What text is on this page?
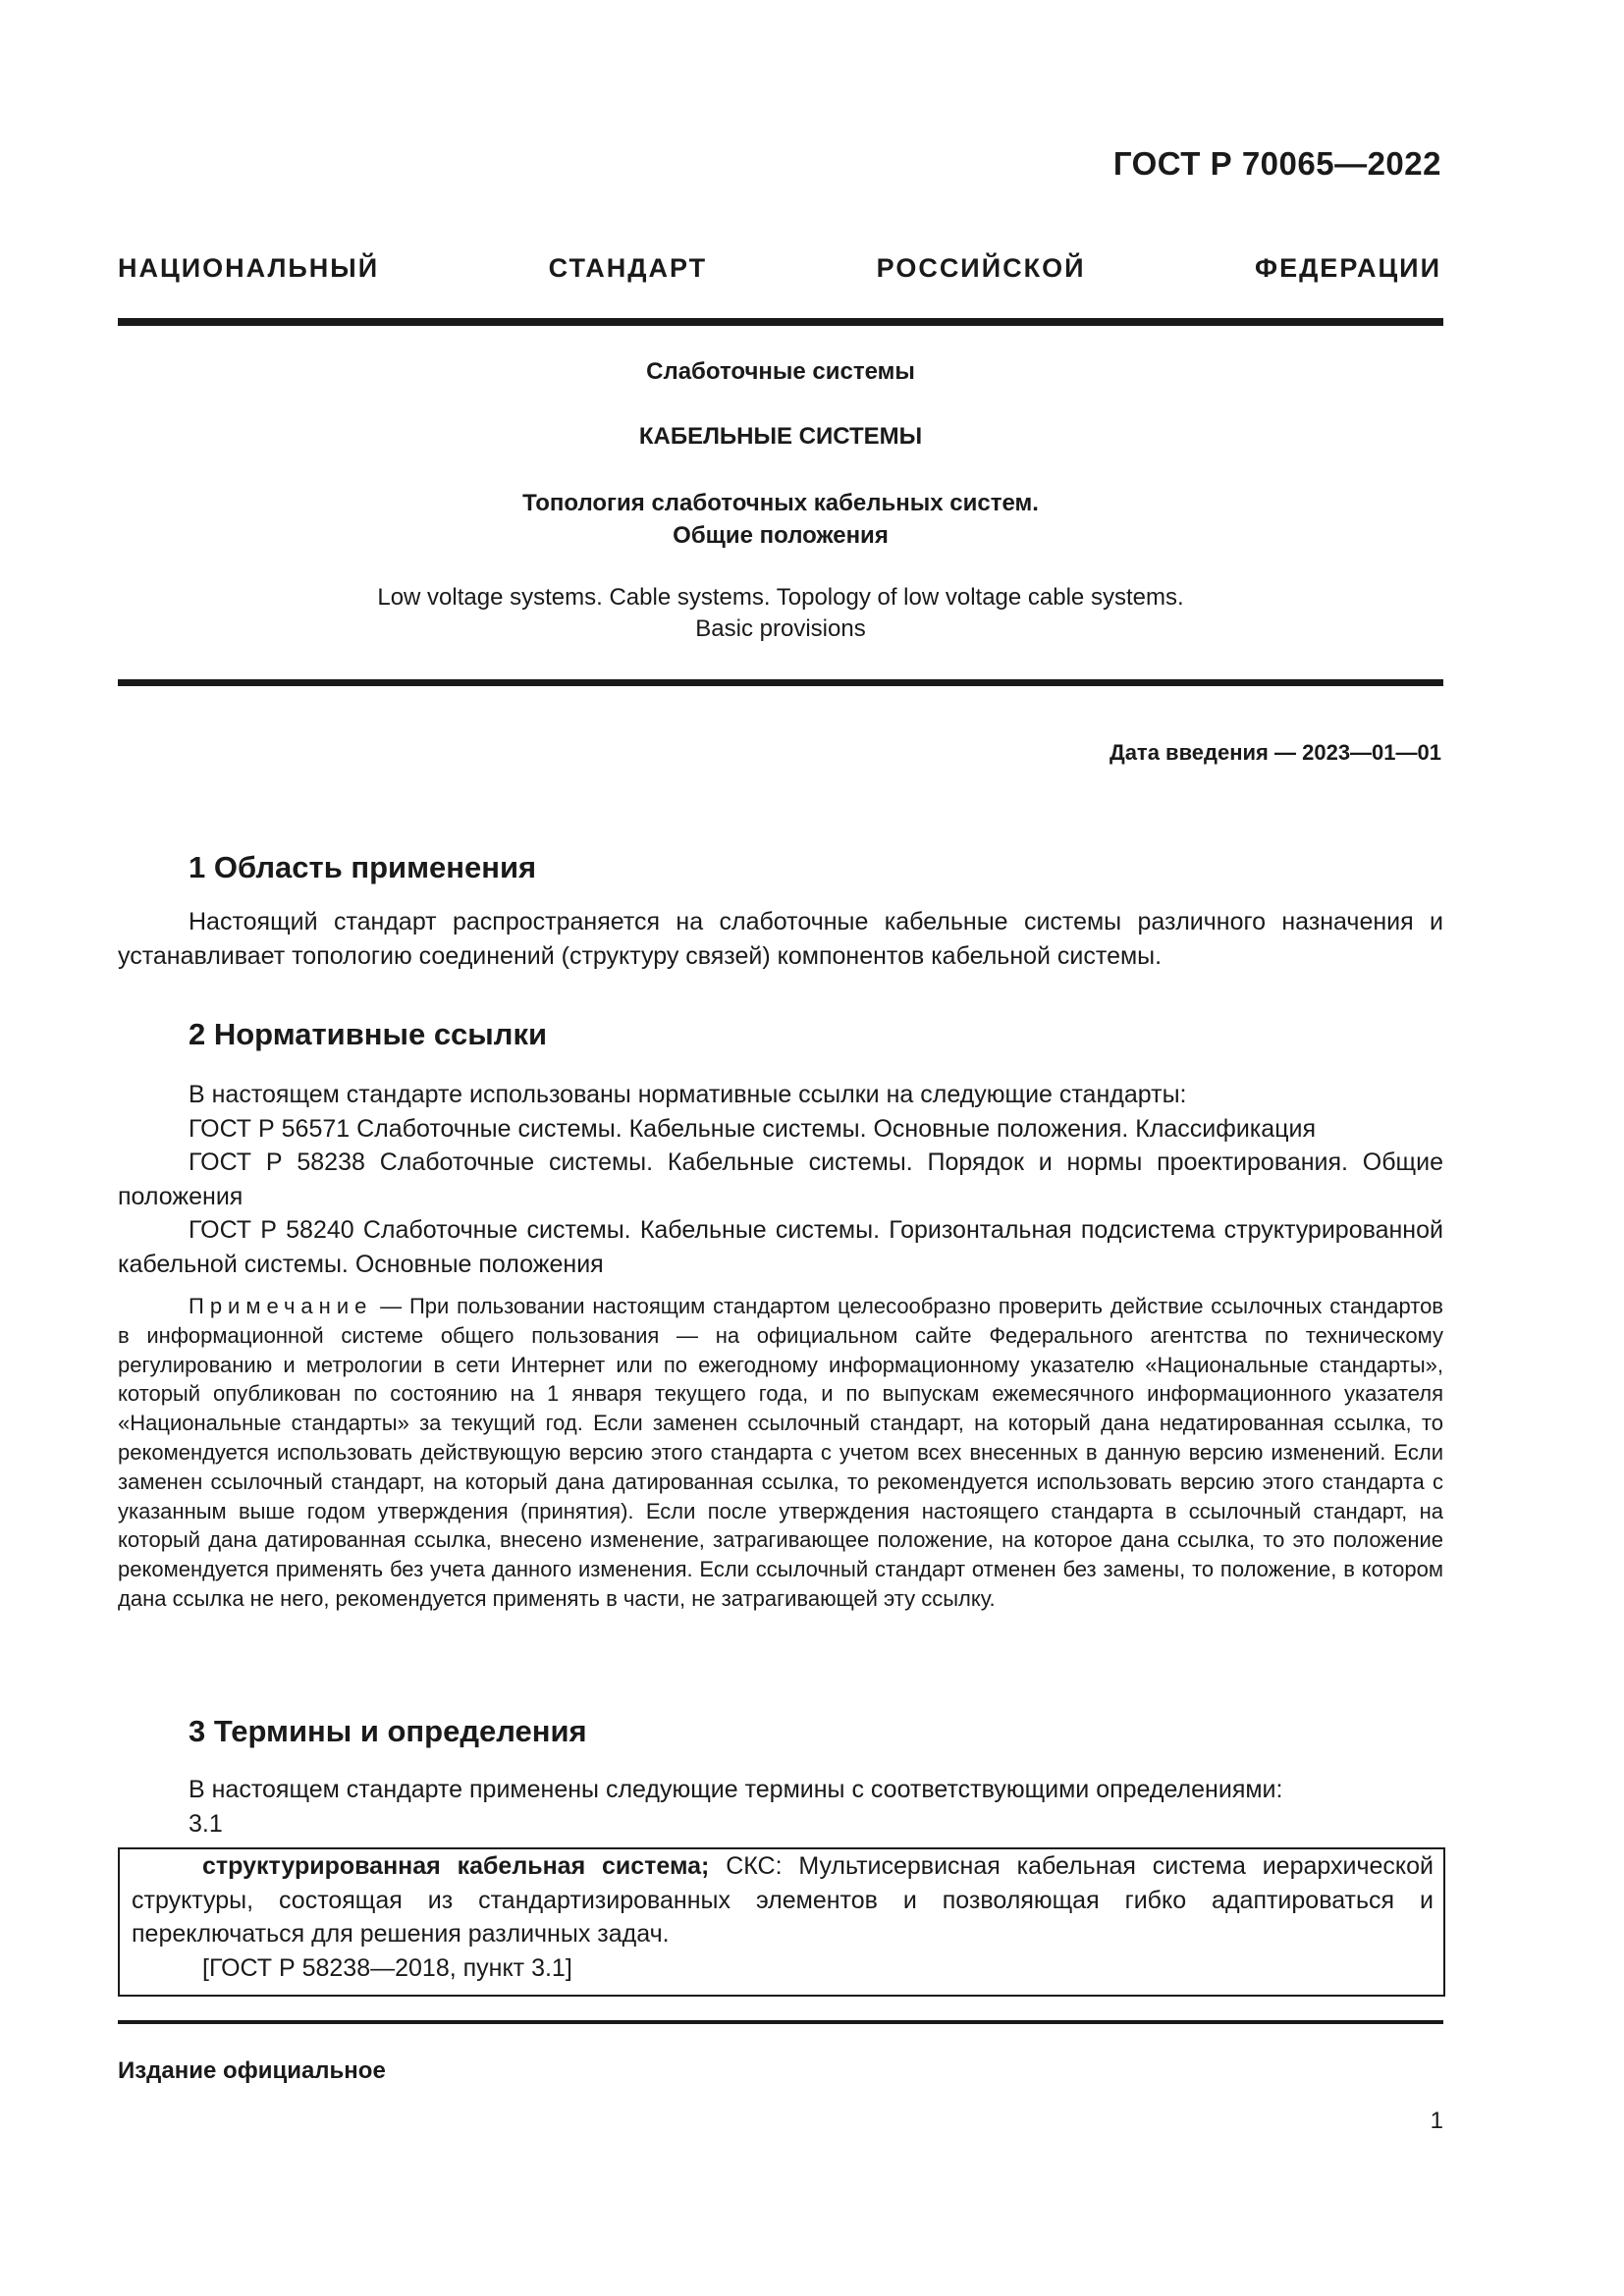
ГОСТ Р 70065—2022
НАЦИОНАЛЬНЫЙ СТАНДАРТ РОССИЙСКОЙ ФЕДЕРАЦИИ
Слаботочные системы
КАБЕЛЬНЫЕ СИСТЕМЫ
Топология слаботочных кабельных систем.
Общие положения
Low voltage systems. Cable systems. Topology of low voltage cable systems.
Basic provisions
Дата введения — 2023—01—01
1 Область применения
Настоящий стандарт распространяется на слаботочные кабельные системы различного назначения и устанавливает топологию соединений (структуру связей) компонентов кабельной системы.
2 Нормативные ссылки
В настоящем стандарте использованы нормативные ссылки на следующие стандарты:
ГОСТ Р 56571 Слаботочные системы. Кабельные системы. Основные положения. Классификация
ГОСТ Р 58238 Слаботочные системы. Кабельные системы. Порядок и нормы проектирования. Общие положения
ГОСТ Р 58240 Слаботочные системы. Кабельные системы. Горизонтальная подсистема структурированной кабельной системы. Основные положения
Примечание — При пользовании настоящим стандартом целесообразно проверить действие ссылочных стандартов в информационной системе общего пользования — на официальном сайте Федерального агентства по техническому регулированию и метрологии в сети Интернет или по ежегодному информационному указателю «Национальные стандарты», который опубликован по состоянию на 1 января текущего года, и по выпускам ежемесячного информационного указателя «Национальные стандарты» за текущий год. Если заменен ссылочный стандарт, на который дана недатированная ссылка, то рекомендуется использовать действующую версию этого стандарта с учетом всех внесенных в данную версию изменений. Если заменен ссылочный стандарт, на который дана датированная ссылка, то рекомендуется использовать версию этого стандарта с указанным выше годом утверждения (принятия). Если после утверждения настоящего стандарта в ссылочный стандарт, на который дана датированная ссылка, внесено изменение, затрагивающее положение, на которое дана ссылка, то это положение рекомендуется применять без учета данного изменения. Если ссылочный стандарт отменен без замены, то положение, в котором дана ссылка не него, рекомендуется применять в части, не затрагивающей эту ссылку.
3 Термины и определения
В настоящем стандарте применены следующие термины с соответствующими определениями:
3.1
структурированная кабельная система; СКС: Мультисервисная кабельная система иерархической структуры, состоящая из стандартизированных элементов и позволяющая гибко адаптироваться и переключаться для решения различных задач.
[ГОСТ Р 58238—2018, пункт 3.1]
Издание официальное
1
